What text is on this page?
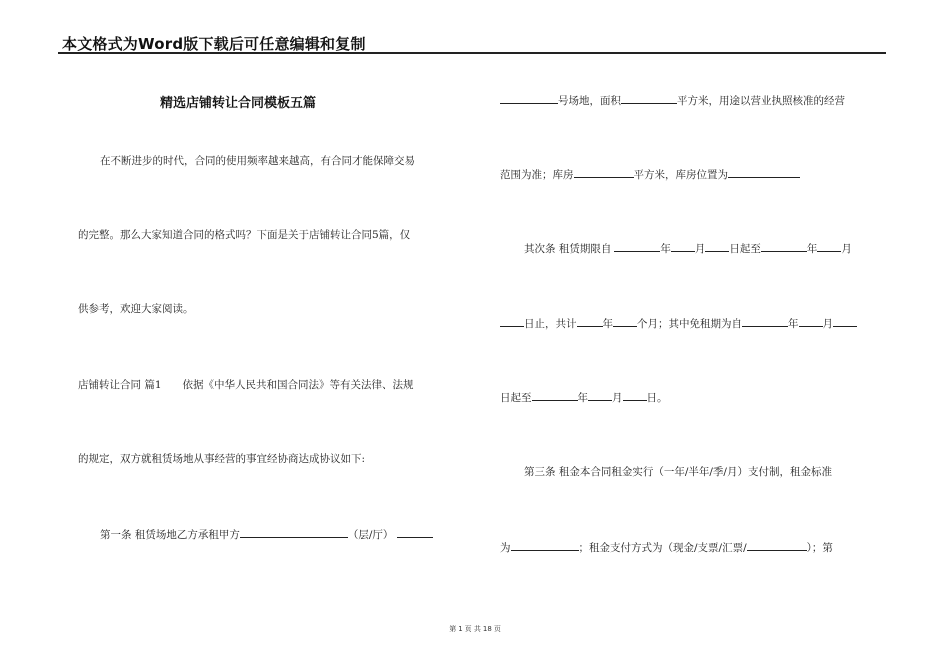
本文格式为Word版下载后可任意编辑和复制
精选店铺转让合同模板五篇
在不断进步的时代，合同的使用频率越来越高，有合同才能保障交易
的完整。那么大家知道合同的格式吗？下面是关于店铺转让合同5篇，仅
供参考，欢迎大家阅读。
店铺转让合同 篇1　　依据《中华人民共和国合同法》等有关法律、法规
的规定，双方就租赁场地从事经营的事宜经协商达成协议如下:
第一条 租赁场地乙方承租甲方	（层/厅）
号场地，面积	平方米，用途以营业执照核准的经营
范围为准；库房	平方米，库房位置为
其次条 租赁期限自	年 月 日起至	年 月
日止，共计 年 个月；其中免租期为自	年 月
日起至	年 月 日。
第三条 租金本合同租金实行（一年/半年/季/月）支付制，租金标准
为	；租金支付方式为（现金/支票/汇票/	）；第
第 1 页 共 18 页
